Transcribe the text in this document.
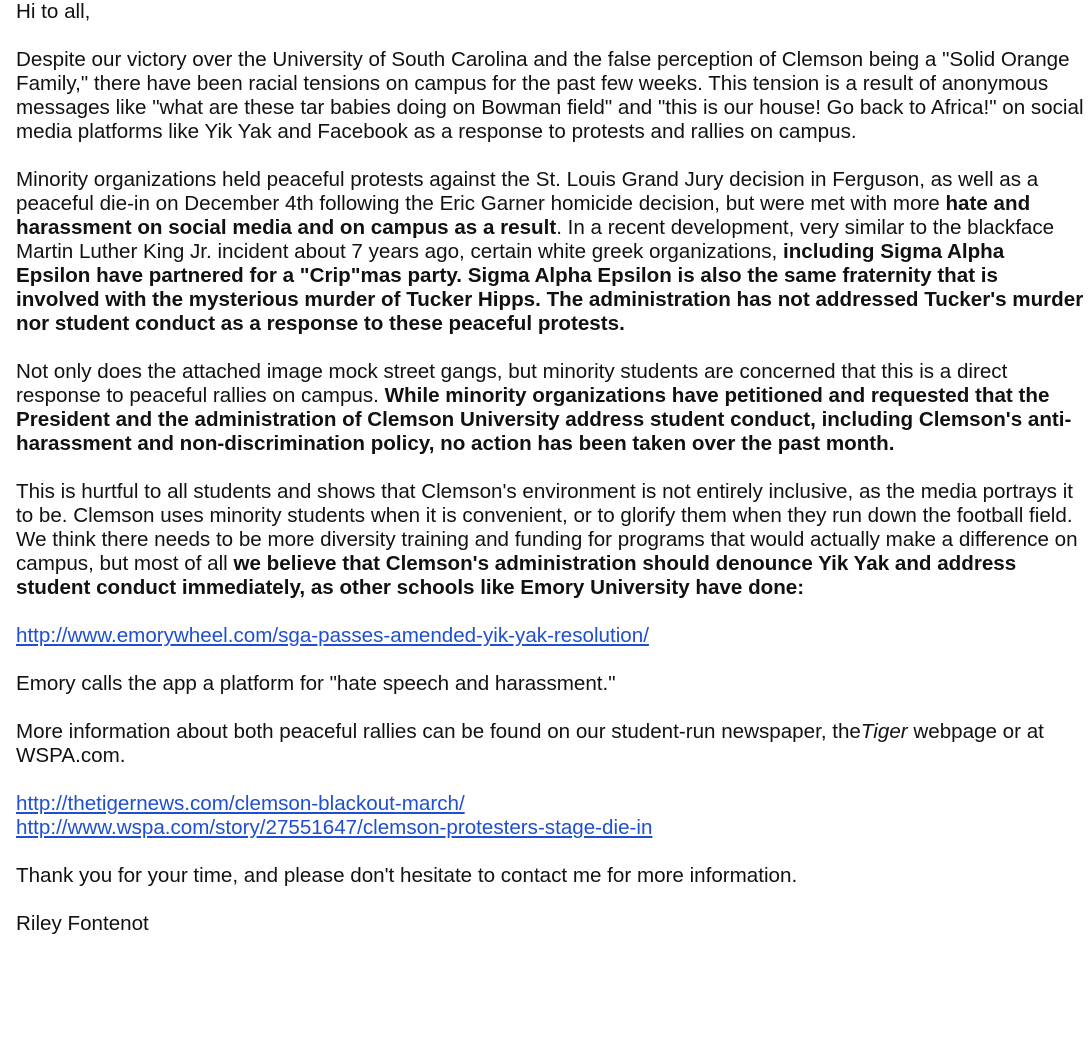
Hi to all,

Despite our victory over the University of South Carolina and the false perception of Clemson being a "Solid Orange Family," there have been racial tensions on campus for the past few weeks. This tension is a result of anonymous messages like "what are these tar babies doing on Bowman field" and "this is our house! Go back to Africa!" on social media platforms like Yik Yak and Facebook as a response to protests and rallies on campus.

Minority organizations held peaceful protests against the St. Louis Grand Jury decision in Ferguson, as well as a peaceful die-in on December 4th following the Eric Garner homicide decision, but were met with more hate and harassment on social media and on campus as a result. In a recent development, very similar to the blackface Martin Luther King Jr. incident about 7 years ago, certain white greek organizations, including Sigma Alpha Epsilon have partnered for a "Crip"mas party. Sigma Alpha Epsilon is also the same fraternity that is involved with the mysterious murder of Tucker Hipps. The administration has not addressed Tucker's murder nor student conduct as a response to these peaceful protests.

Not only does the attached image mock street gangs, but minority students are concerned that this is a direct response to peaceful rallies on campus. While minority organizations have petitioned and requested that the President and the administration of Clemson University address student conduct, including Clemson's anti-harassment and non-discrimination policy, no action has been taken over the past month.

This is hurtful to all students and shows that Clemson's environment is not entirely inclusive, as the media portrays it to be. Clemson uses minority students when it is convenient, or to glorify them when they run down the football field. We think there needs to be more diversity training and funding for programs that would actually make a difference on campus, but most of all we believe that Clemson's administration should denounce Yik Yak and address student conduct immediately, as other schools like Emory University have done:

http://www.emorywheel.com/sga-passes-amended-yik-yak-resolution/

Emory calls the app a platform for "hate speech and harassment."

More information about both peaceful rallies can be found on our student-run newspaper, theTiger webpage or at WSPA.com.

http://thetigernews.com/clemson-blackout-march/
http://www.wspa.com/story/27551647/clemson-protesters-stage-die-in

Thank you for your time, and please don't hesitate to contact me for more information.

Riley Fontenot
